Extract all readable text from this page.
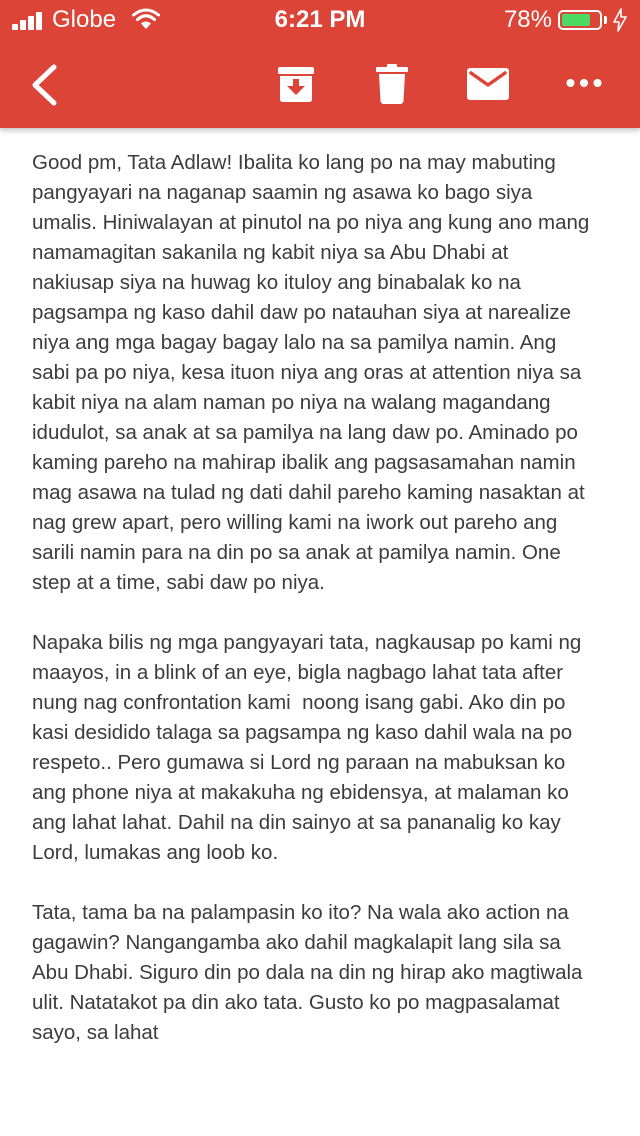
Globe	6:21 PM	78%

Good pm, Tata Adlaw! Ibalita ko lang po na may mabuting pangyayari na naganap saamin ng asawa ko bago siya umalis. Hiniwalayan at pinutol na po niya ang kung ano mang namamagitan sakanila ng kabit niya sa Abu Dhabi at nakiusap siya na huwag ko ituloy ang binabalak ko na pagsampa ng kaso dahil daw po natauhan siya at narealize niya ang mga bagay bagay lalo na sa pamilya namin. Ang sabi pa po niya, kesa ituon niya ang oras at attention niya sa kabit niya na alam naman po niya na walang magandang idudulot, sa anak at sa pamilya na lang daw po. Aminado po kaming pareho na mahirap ibalik ang pagsasamahan namin mag asawa na tulad ng dati dahil pareho kaming nasaktan at nag grew apart, pero willing kami na iwork out pareho ang sarili namin para na din po sa anak at pamilya namin. One step at a time, sabi daw po niya.

Napaka bilis ng mga pangyayari tata, nagkausap po kami ng maayos, in a blink of an eye, bigla nagbago lahat tata after nung nag confrontation kami  noong isang gabi. Ako din po kasi desidido talaga sa pagsampa ng kaso dahil wala na po respeto.. Pero gumawa si Lord ng paraan na mabuksan ko ang phone niya at makakuha ng ebidensya, at malaman ko ang lahat lahat. Dahil na din sainyo at sa pananalig ko kay Lord, lumakas ang loob ko.

Tata, tama ba na palampasin ko ito? Na wala ako action na gagawin? Nangangamba ako dahil magkalapit lang sila sa Abu Dhabi. Siguro din po dala na din ng hirap ako magtiwala ulit. Natatakot pa din ako tata. Gusto ko po magpasalamat sayo, sa lahat
